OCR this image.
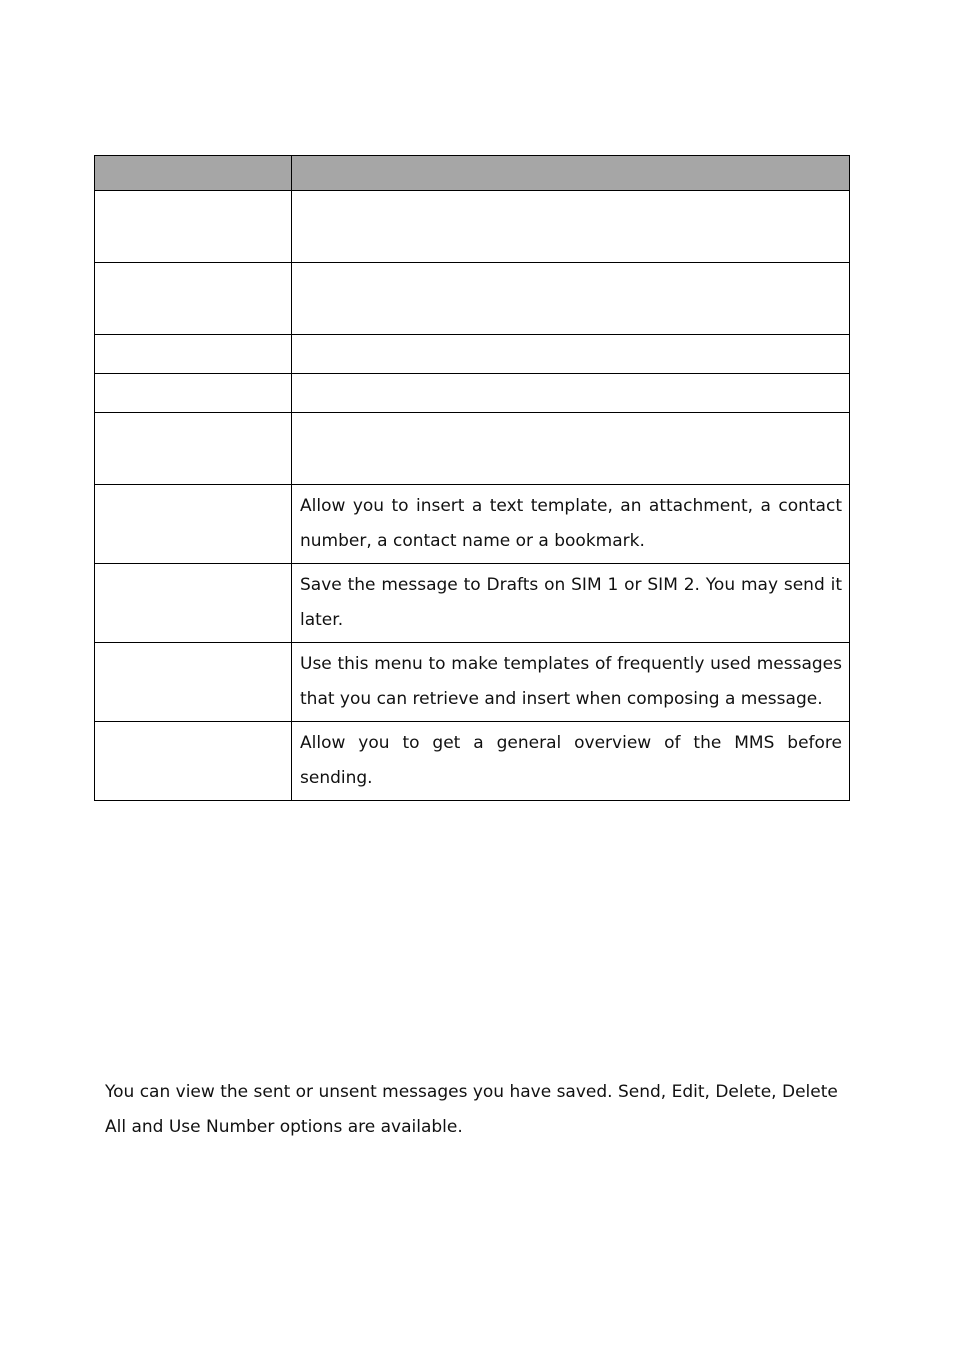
	Allow you to insert a text template, an attachment, a contact number, a contact name or a bookmark.
	Save the message to Drafts on SIM 1 or SIM 2. You may send it later.
	Use this menu to make templates of frequently used messages that you can retrieve and insert when composing a message.
	Allow you to get a general overview of the MMS before sending.

You can view the sent or unsent messages you have saved. Send, Edit, Delete, Delete All and Use Number options are available.
